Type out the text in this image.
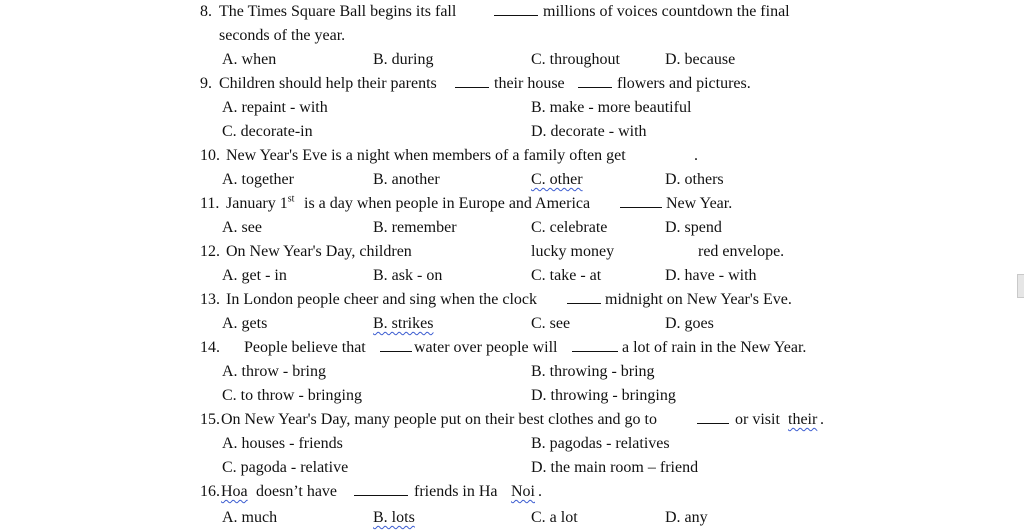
8. The Times Square Ball begins its fall	millions of voices countdown the final
seconds of the year.
A. when	B. during	C. throughout	D. because
9. Children should help their parents	their house	flowers and pictures.
A. repaint - with	B. make - more beautiful
C. decorate-in	D. decorate - with
10. New Year's Eve is a night when members of a family often get	.
A. together	B. another	C. other	D. others
11. January 1st is a day when people in Europe and America	New Year.
A. see	B. remember	C. celebrate	D. spend
12. On New Year's Day, children	lucky money	red envelope.
A. get - in	B. ask - on	C. take - at	D. have - with
13. In London people cheer and sing when the clock	midnight on New Year's Eve.
A. gets	B. strikes	C. see	D. goes
14. People believe that	water over people will	a lot of rain in the New Year.
A. throw - bring	B. throwing - bring
C. to throw - bringing	D. throwing - bringing
15. On New Year's Day, many people put on their best clothes and go to	or visit their .
A. houses - friends	B. pagodas - relatives
C. pagoda - relative	D. the main room – friend
16. Hoa doesn’t have	friends in Ha Noi .
A. much	B. lots	C. a lot	D. any
